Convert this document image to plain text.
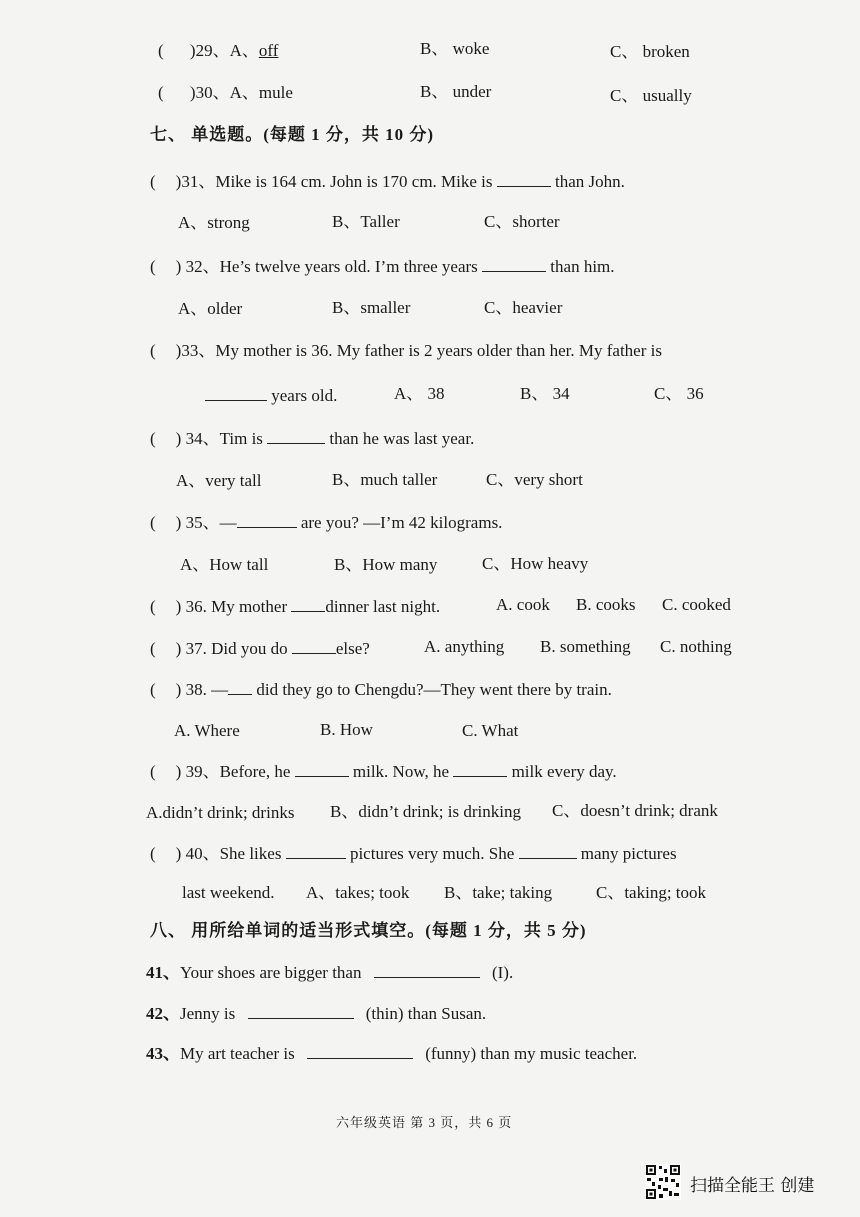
( )29、A、off	B、 woke	C、 broken
( )30、A、mule	B、 under	C、 usually
七、 单选题。(每题 1 分，共 10 分)
( )31、Mike is 164 cm. John is 170 cm. Mike is	than John.
A、strong	B、Taller	C、shorter
( ) 32、He’s twelve years old. I’m three years	than him.
A、older	B、smaller	C、heavier
( )33、My mother is 36. My father is 2 years older than her. My father is
years old.	A、 38	B、 34	C、 36
( ) 34、Tim is	than he was last year.
A、very tall	B、much taller	C、very short
( ) 35、—	are you? —I’m 42 kilograms.
A、How tall	B、How many	C、How heavy
( ) 36. My mother dinner last night.	A. cook B. cooks C. cooked
( ) 37. Did you do	else?	A. anything B. something C. nothing
( ) 38. — did they go to Chengdu?—They went there by train.
A. Where	B. How	C. What
( ) 39、Before, he	milk. Now, he	milk every day.
A.didn’t drink; drinks B、didn’t drink; is drinking C、doesn’t drink; drank
( ) 40、She likes	pictures very much. She	many pictures
last weekend. A、takes; took B、take; taking	C、taking; took
八、 用所给单词的适当形式填空。(每题 1 分，共 5 分)
41、Your shoes are bigger than	(I).
42、Jenny is	(thin) than Susan.
43、My art teacher is	(funny) than my music teacher.
六年级英语 第 3 页，共 6 页
扫描全能王 创建
